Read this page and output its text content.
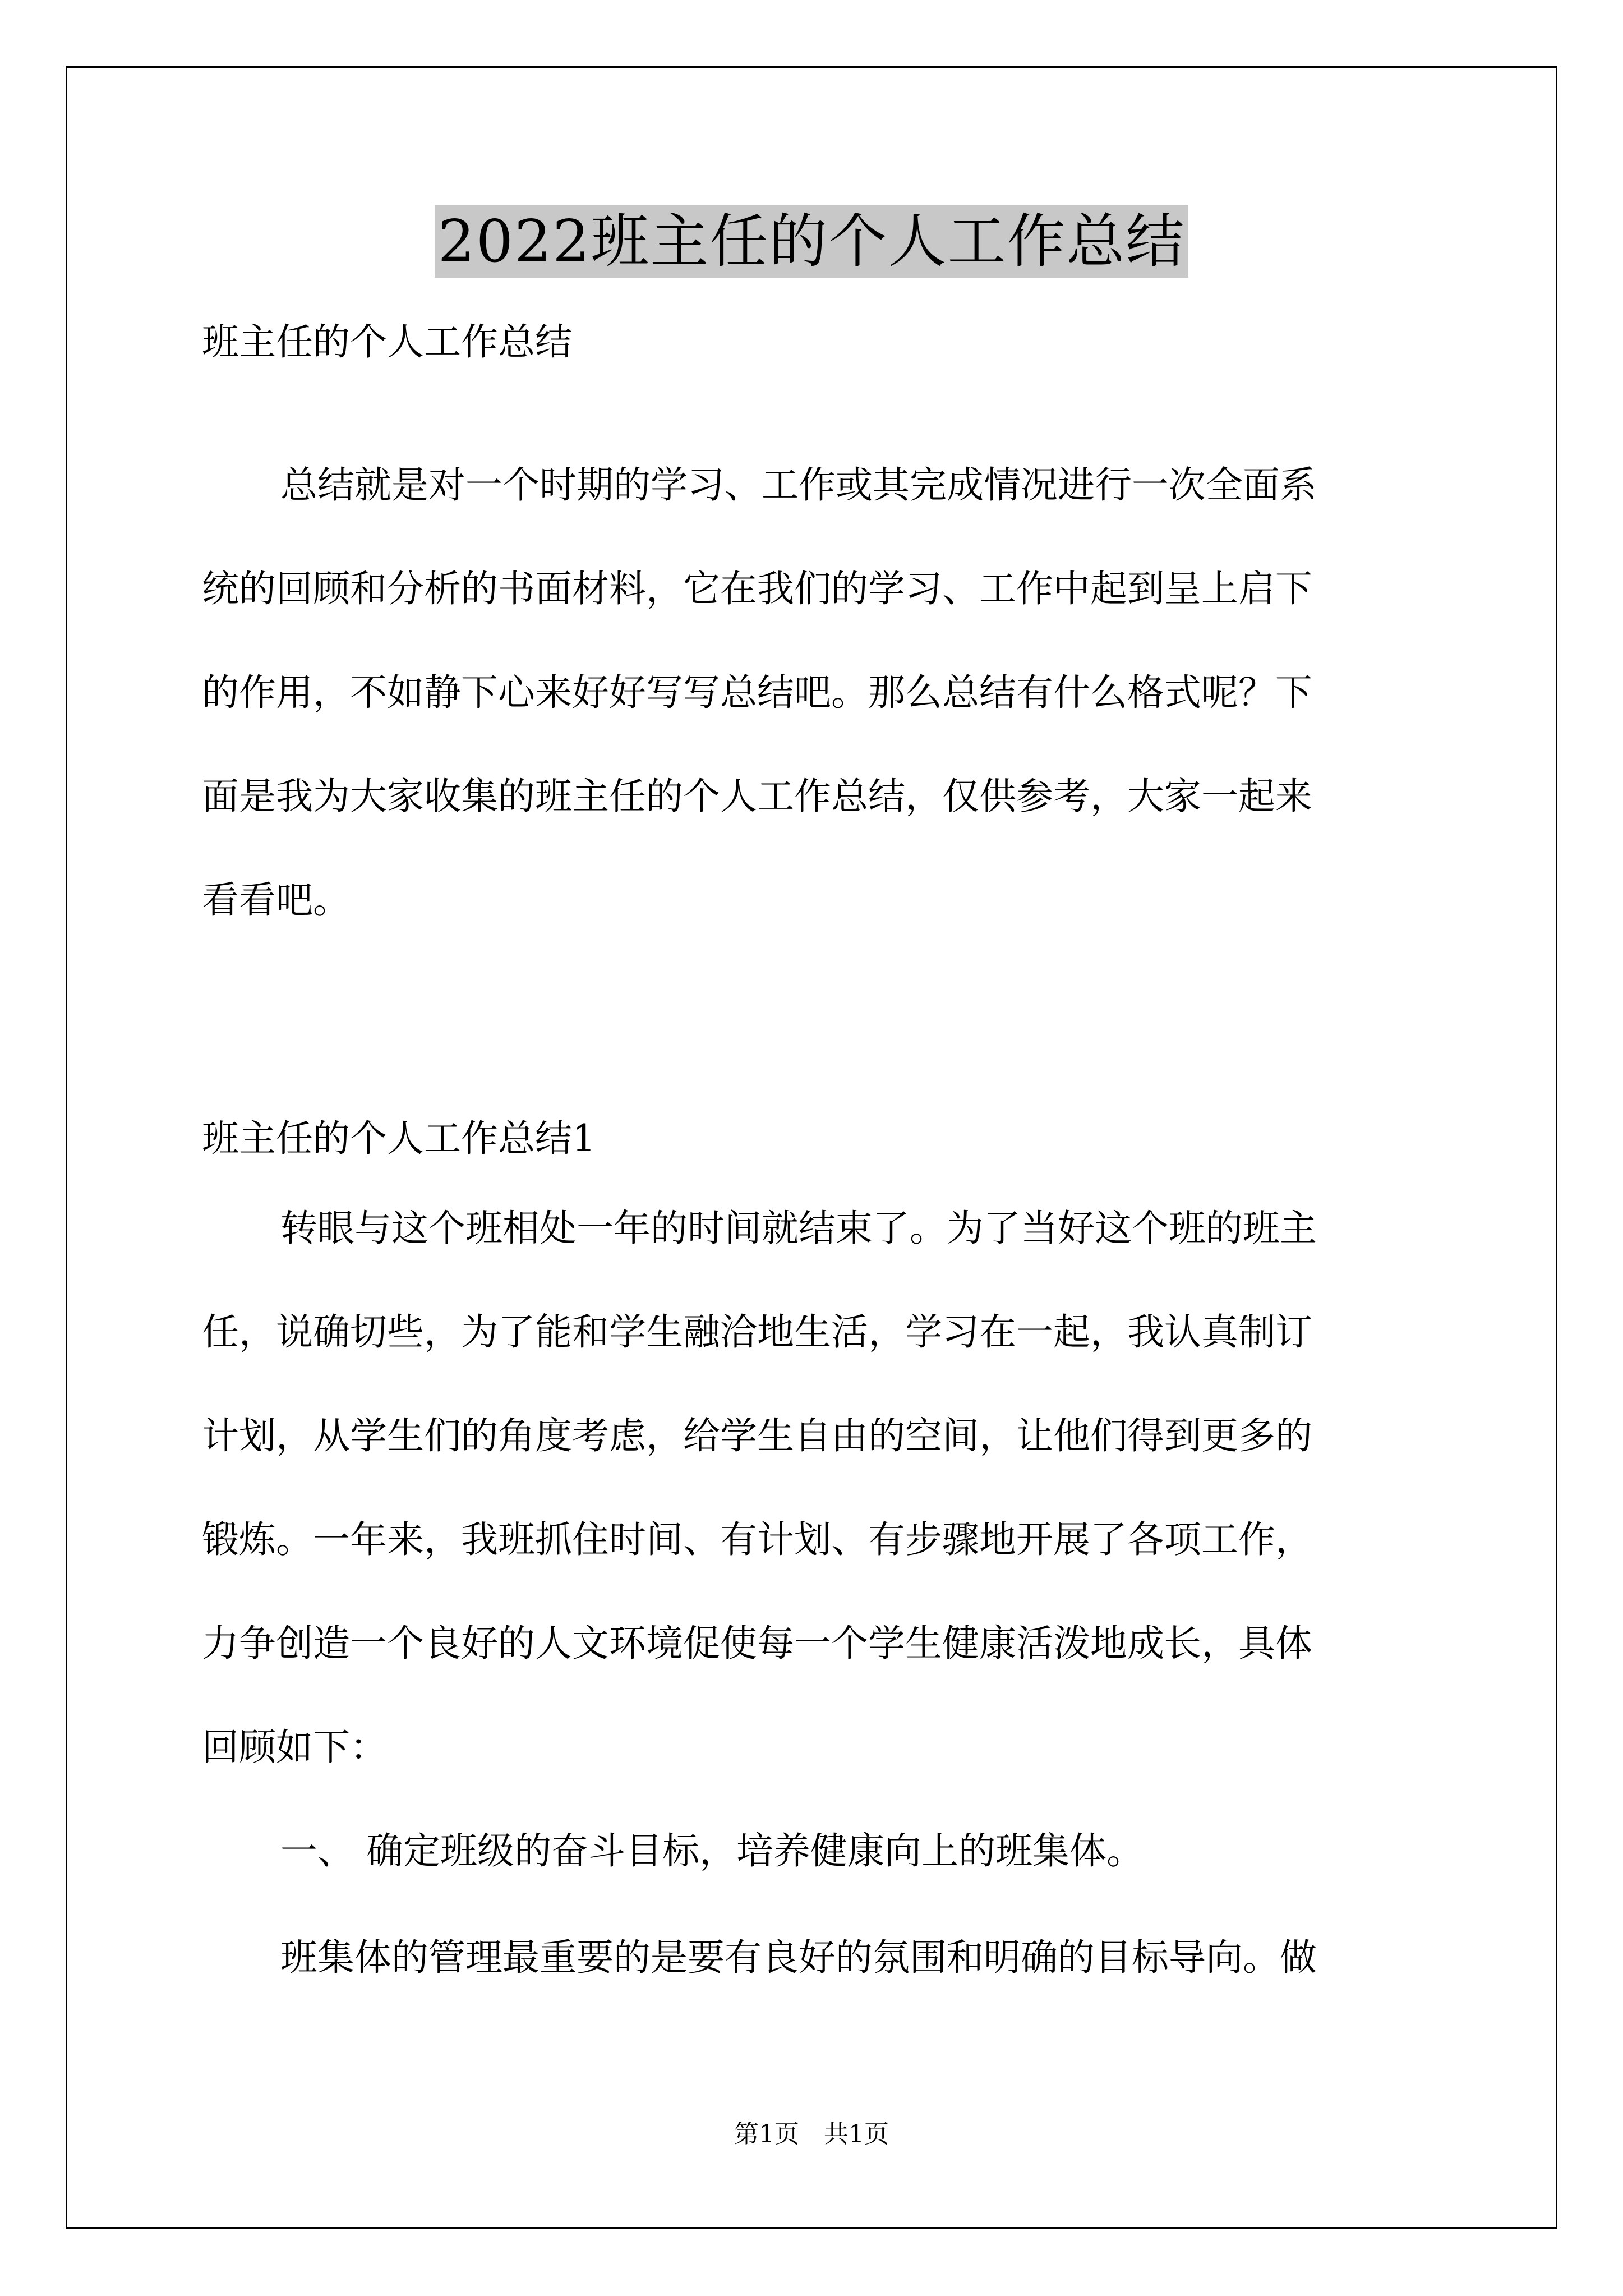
2022班主任的个人工作总结
班主任的个人工作总结
总结就是对一个时期的学习、工作或其完成情况进行一次全面系
统的回顾和分析的书面材料，它在我们的学习、工作中起到呈上启下
的作用，不如静下心来好好写写总结吧。那么总结有什么格式呢？下
面是我为大家收集的班主任的个人工作总结，仅供参考，大家一起来
看看吧。
班主任的个人工作总结1
转眼与这个班相处一年的时间就结束了。为了当好这个班的班主
任，说确切些，为了能和学生融洽地生活，学习在一起，我认真制订
计划，从学生们的角度考虑，给学生自由的空间，让他们得到更多的
锻炼。一年来，我班抓住时间、有计划、有步骤地开展了各项工作，
力争创造一个良好的人文环境促使每一个学生健康活泼地成长，具体
回顾如下：
一、 确定班级的奋斗目标，培养健康向上的班集体。
班集体的管理最重要的是要有良好的氛围和明确的目标导向。做
第1页　共1页
